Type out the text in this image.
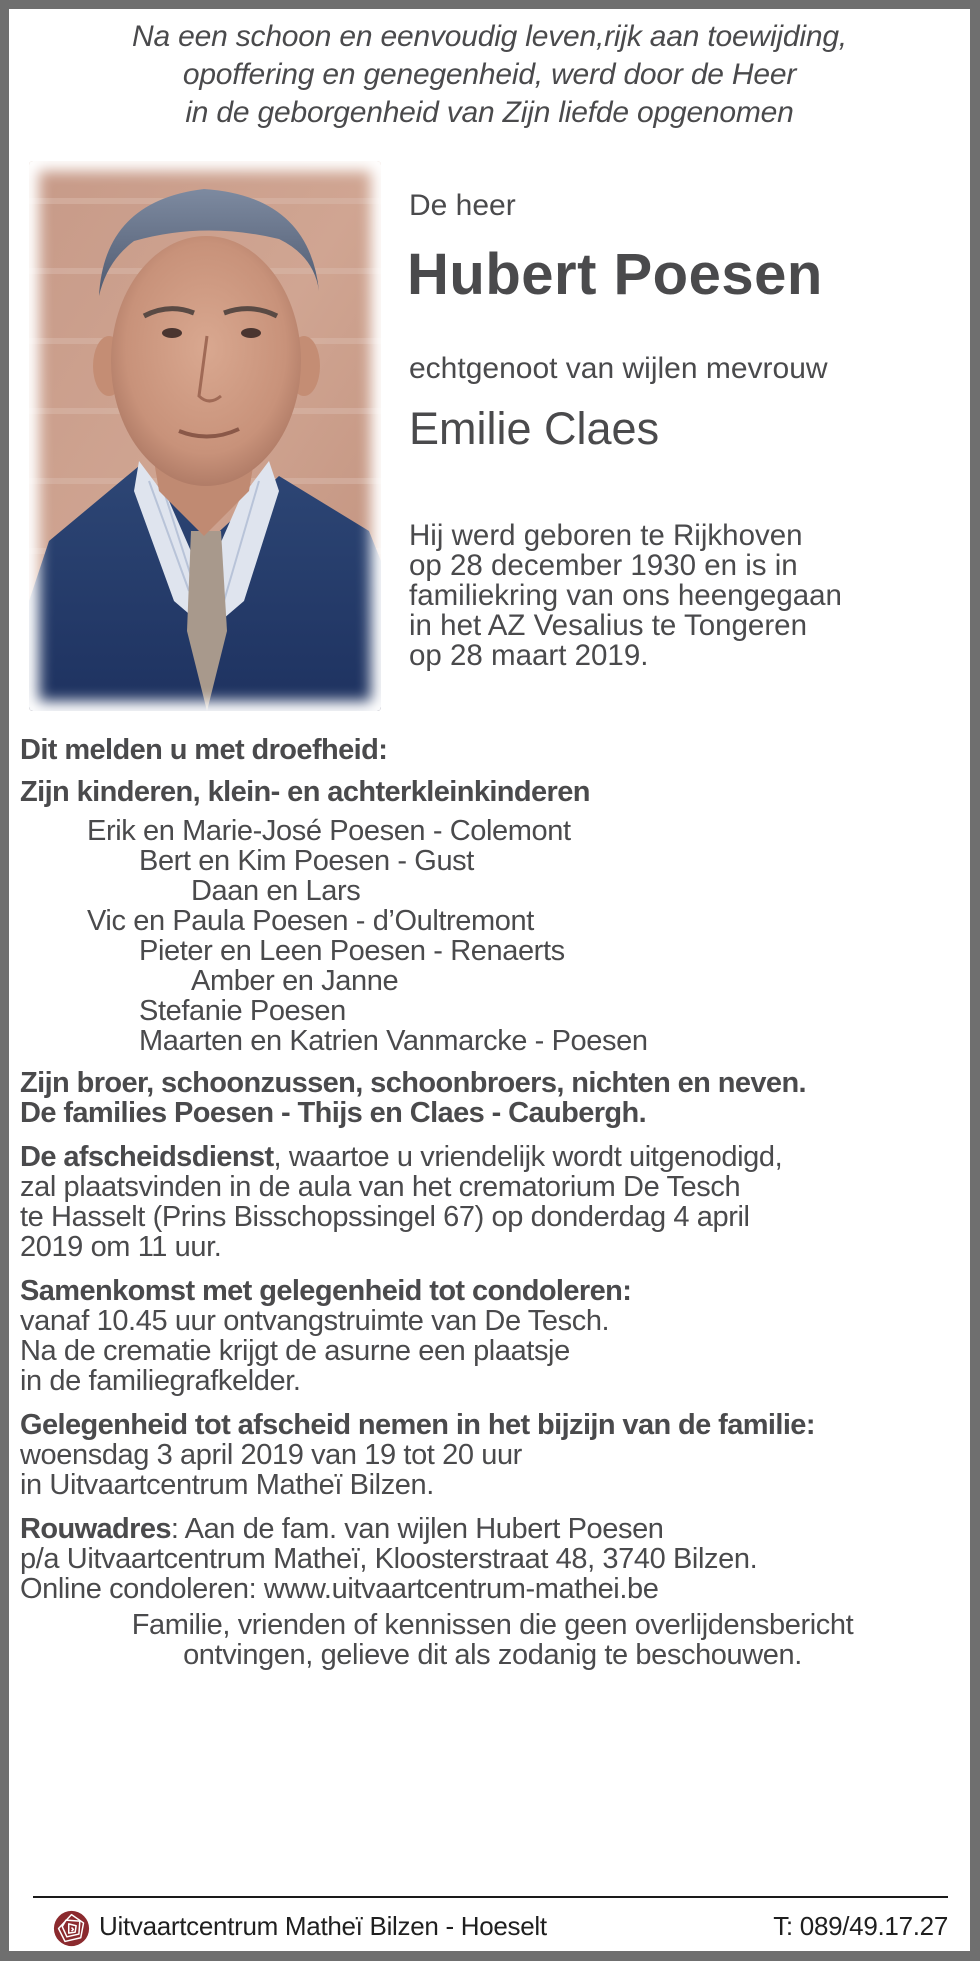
Na een schoon en eenvoudig leven,rijk aan toewijding,
opoffering en genegenheid, werd door de Heer
in de geborgenheid van Zijn liefde opgenomen
De heer
Hubert Poesen
echtgenoot van wijlen mevrouw
Emilie Claes
Hij werd geboren te Rijkhoven
op 28 december 1930 en is in
familiekring van ons heengegaan
in het AZ Vesalius te Tongeren
op 28 maart 2019.
Dit melden u met droefheid:
Zijn kinderen, klein- en achterkleinkinderen
Erik en Marie-José Poesen - Colemont
Bert en Kim Poesen - Gust
Daan en Lars
Vic en Paula Poesen - d’Oultremont
Pieter en Leen Poesen - Renaerts
Amber en Janne
Stefanie Poesen
Maarten en Katrien Vanmarcke - Poesen
Zijn broer, schoonzussen, schoonbroers, nichten en neven.
De families Poesen - Thijs en Claes - Caubergh.
De afscheidsdienst, waartoe u vriendelijk wordt uitgenodigd,
zal plaatsvinden in de aula van het crematorium De Tesch
te Hasselt (Prins Bisschopssingel 67) op donderdag 4 april
2019 om 11 uur.
Samenkomst met gelegenheid tot condoleren:
vanaf 10.45 uur ontvangstruimte van De Tesch.
Na de crematie krijgt de asurne een plaatsje
in de familiegrafkelder.
Gelegenheid tot afscheid nemen in het bijzijn van de familie:
woensdag 3 april 2019 van 19 tot 20 uur
in Uitvaartcentrum Matheï Bilzen.
Rouwadres: Aan de fam. van wijlen Hubert Poesen
p/a Uitvaartcentrum Matheï, Kloosterstraat 48, 3740 Bilzen.
Online condoleren: www.uitvaartcentrum-mathei.be
Familie, vrienden of kennissen die geen overlijdensbericht
ontvingen, gelieve dit als zodanig te beschouwen.
Uitvaartcentrum Matheï Bilzen - Hoeselt	T: 089/49.17.27
